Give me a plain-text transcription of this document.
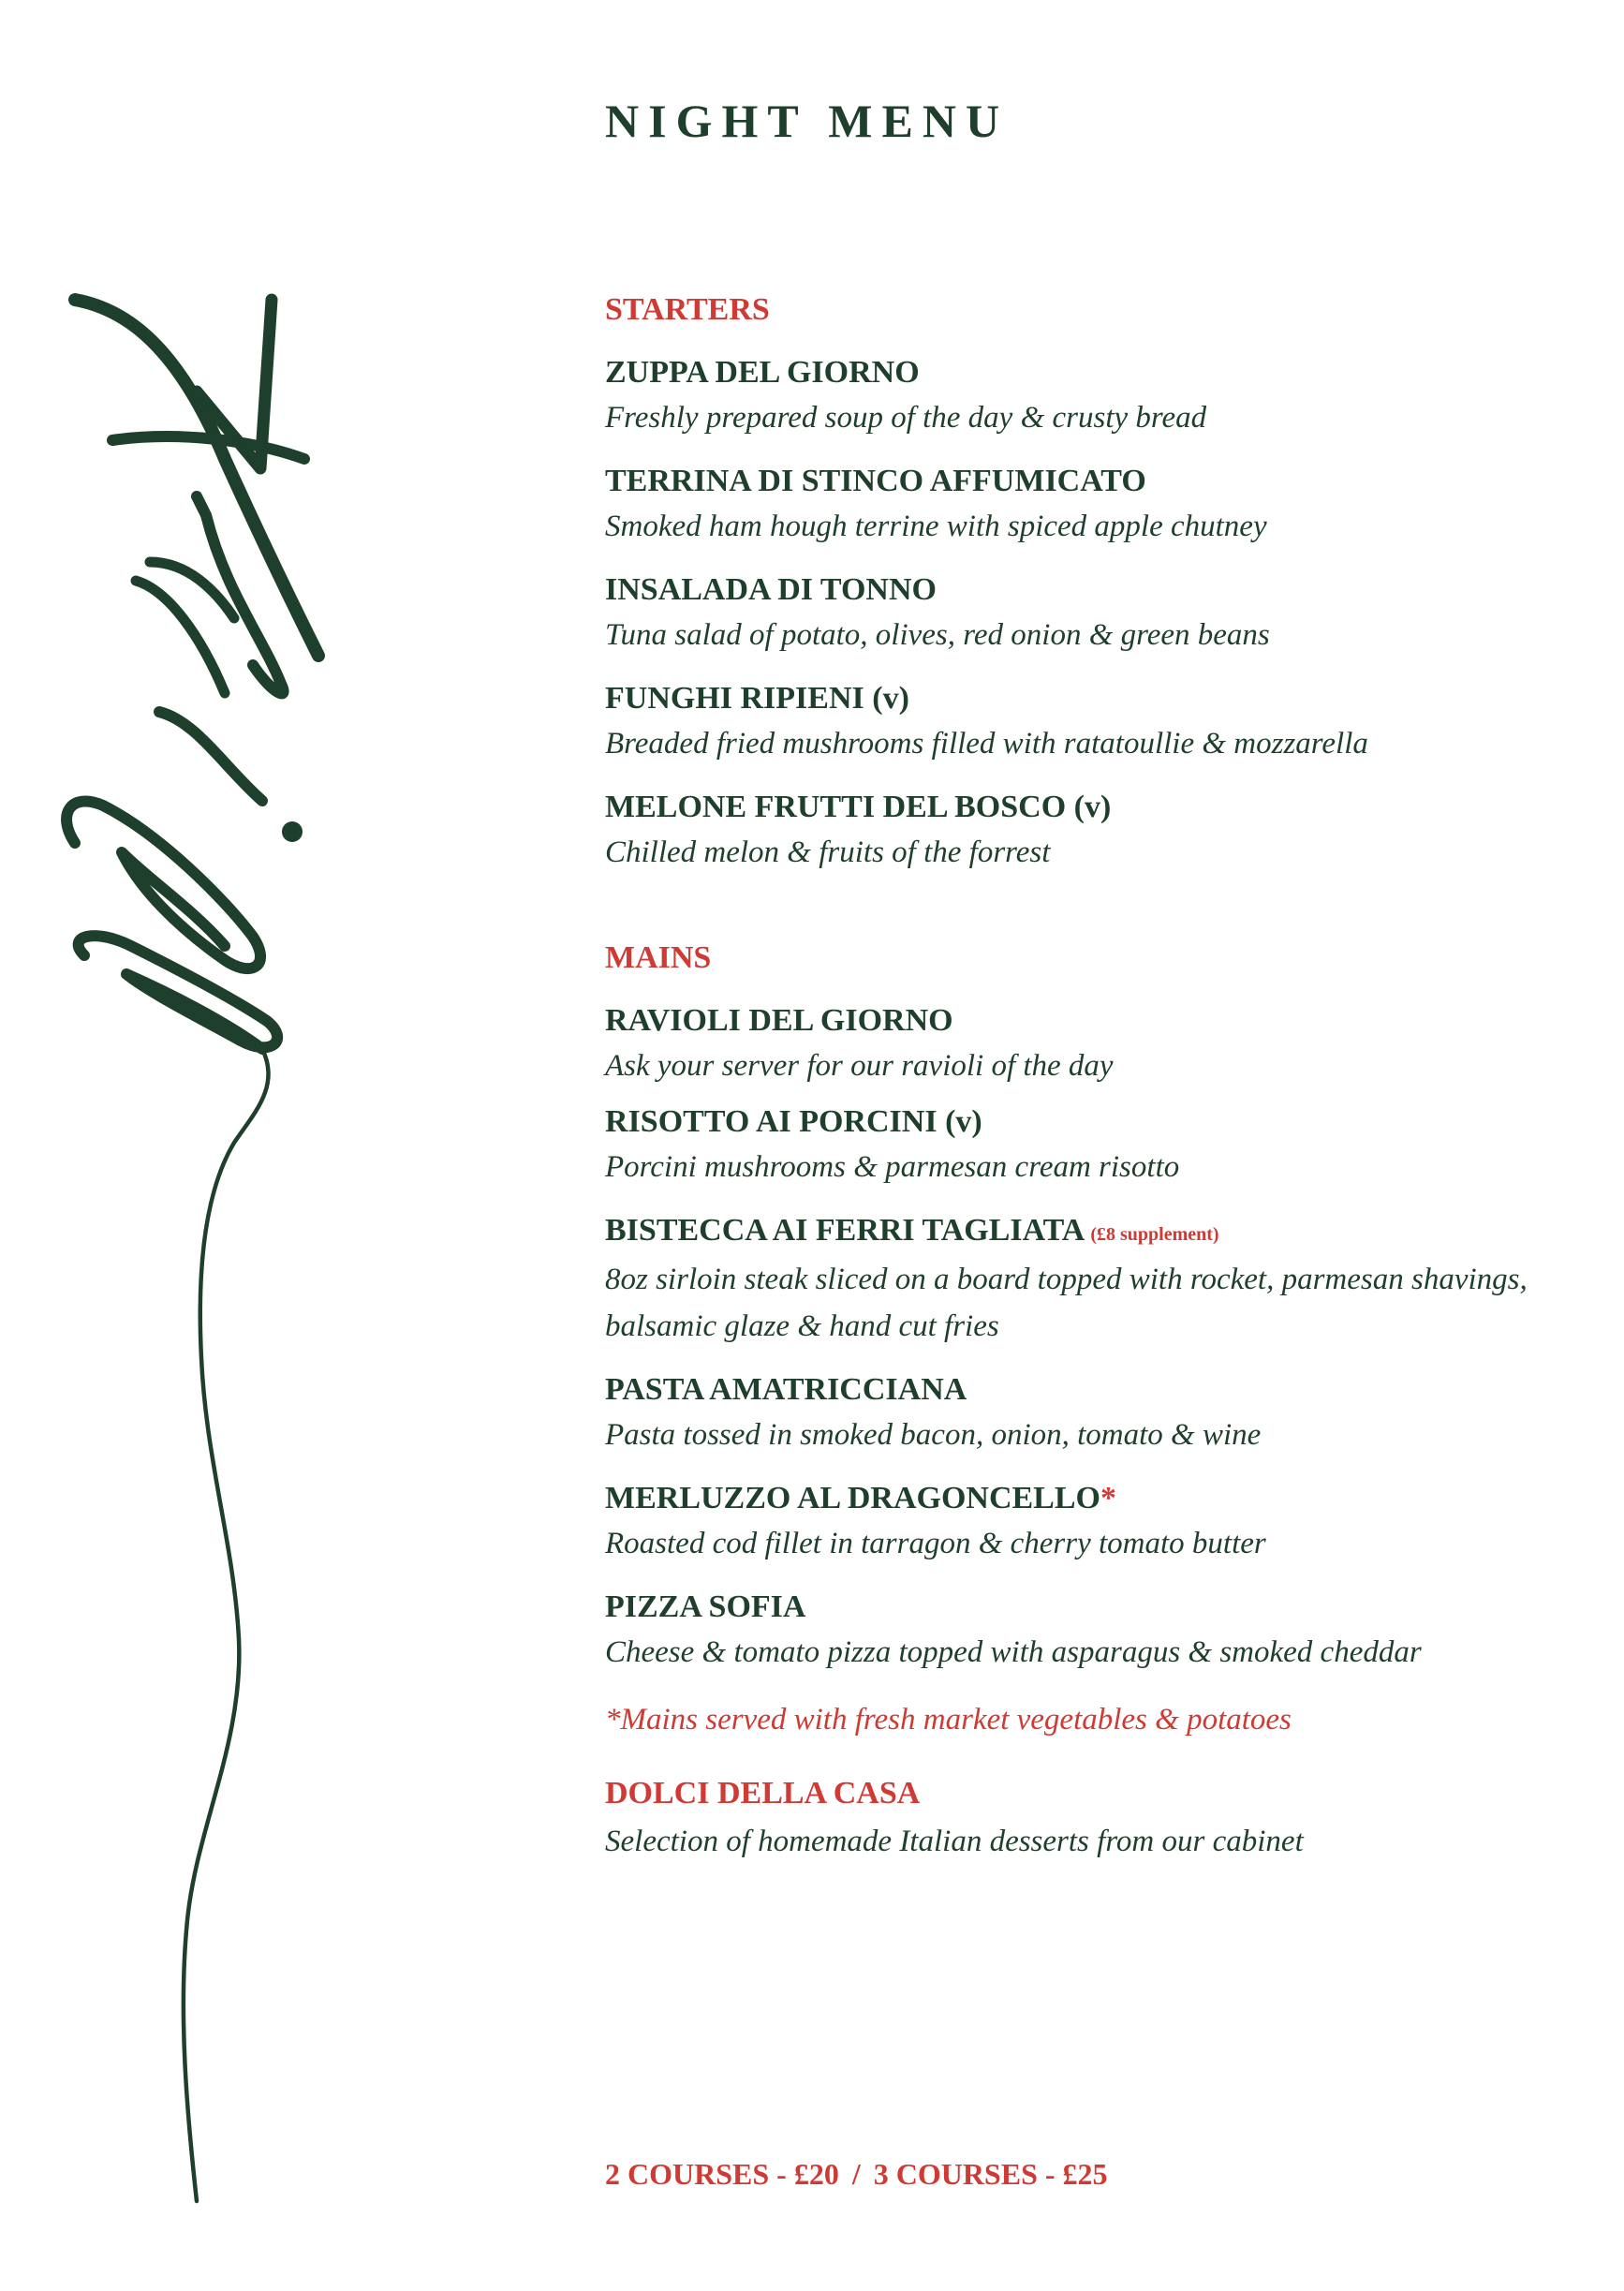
NIGHT MENU
STARTERS
ZUPPA DEL GIORNO
Freshly prepared soup of the day & crusty bread
TERRINA DI STINCO AFFUMICATO
Smoked ham hough terrine with spiced apple chutney
INSALADA DI TONNO
Tuna salad of potato, olives, red onion & green beans
FUNGHI RIPIENI (v)
Breaded fried mushrooms filled with ratatoullie & mozzarella
MELONE FRUTTI DEL BOSCO (v)
Chilled melon & fruits of the forrest
MAINS
RAVIOLI DEL GIORNO
Ask your server for our ravioli of the day
RISOTTO AI PORCINI (v)
Porcini mushrooms & parmesan cream risotto
BISTECCA AI FERRI TAGLIATA (£8 supplement)
8oz sirloin steak sliced on a board topped with rocket, parmesan shavings,
balsamic glaze & hand cut fries
PASTA AMATRICCIANA
Pasta tossed in smoked bacon, onion, tomato & wine
MERLUZZO AL DRAGONCELLO*
Roasted cod fillet in tarragon & cherry tomato butter
PIZZA SOFIA
Cheese & tomato pizza topped with asparagus & smoked cheddar
*Mains served with fresh market vegetables & potatoes
DOLCI DELLA CASA
Selection of homemade Italian desserts from our cabinet
2 COURSES - £20 / 3 COURSES - £25
